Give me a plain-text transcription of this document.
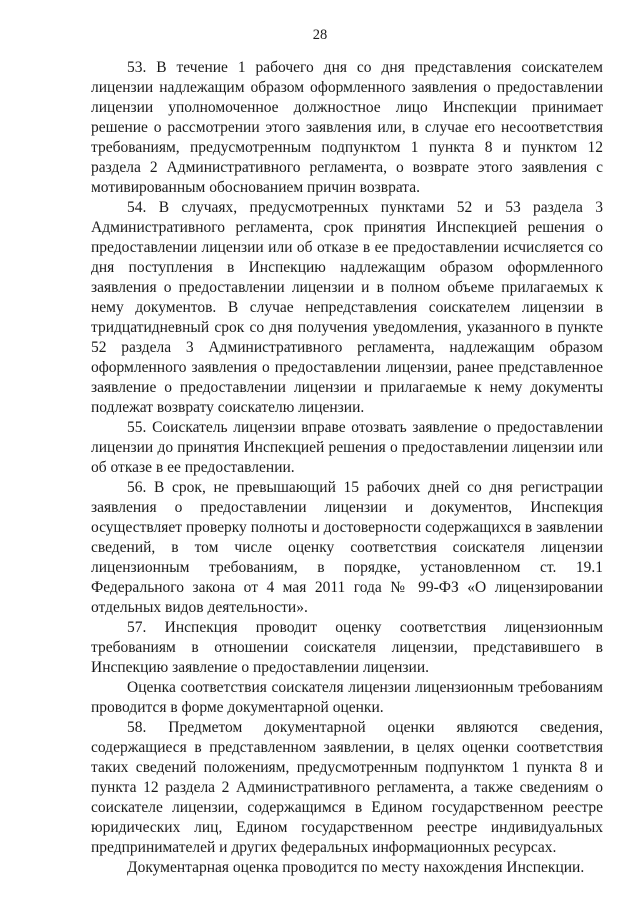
28

53. В течение 1 рабочего дня со дня представления соискателем лицензии надлежащим образом оформленного заявления о предоставлении лицензии уполномоченное должностное лицо Инспекции принимает решение о рассмотрении этого заявления или, в случае его несоответствия требованиям, предусмотренным подпунктом 1 пункта 8 и пунктом 12 раздела 2 Административного регламента, о возврате этого заявления с мотивированным обоснованием причин возврата.

54. В случаях, предусмотренных пунктами 52 и 53 раздела 3 Административного регламента, срок принятия Инспекцией решения о предоставлении лицензии или об отказе в ее предоставлении исчисляется со дня поступления в Инспекцию надлежащим образом оформленного заявления о предоставлении лицензии и в полном объеме прилагаемых к нему документов. В случае непредставления соискателем лицензии в тридцатидневный срок со дня получения уведомления, указанного в пункте 52 раздела 3 Административного регламента, надлежащим образом оформленного заявления о предоставлении лицензии, ранее представленное заявление о предоставлении лицензии и прилагаемые к нему документы подлежат возврату соискателю лицензии.

55. Соискатель лицензии вправе отозвать заявление о предоставлении лицензии до принятия Инспекцией решения о предоставлении лицензии или об отказе в ее предоставлении.

56. В срок, не превышающий 15 рабочих дней со дня регистрации заявления о предоставлении лицензии и документов, Инспекция осуществляет проверку полноты и достоверности содержащихся в заявлении сведений, в том числе оценку соответствия соискателя лицензии лицензионным требованиям, в порядке, установленном ст. 19.1 Федерального закона от 4 мая 2011 года № 99-ФЗ «О лицензировании отдельных видов деятельности».

57. Инспекция проводит оценку соответствия лицензионным требованиям в отношении соискателя лицензии, представившего в Инспекцию заявление о предоставлении лицензии.

Оценка соответствия соискателя лицензии лицензионным требованиям проводится в форме документарной оценки.

58. Предметом документарной оценки являются сведения, содержащиеся в представленном заявлении, в целях оценки соответствия таких сведений положениям, предусмотренным подпунктом 1 пункта 8 и пункта 12 раздела 2 Административного регламента, а также сведениям о соискателе лицензии, содержащимся в Едином государственном реестре юридических лиц, Едином государственном реестре индивидуальных предпринимателей и других федеральных информационных ресурсах.

Документарная оценка проводится по месту нахождения Инспекции.
